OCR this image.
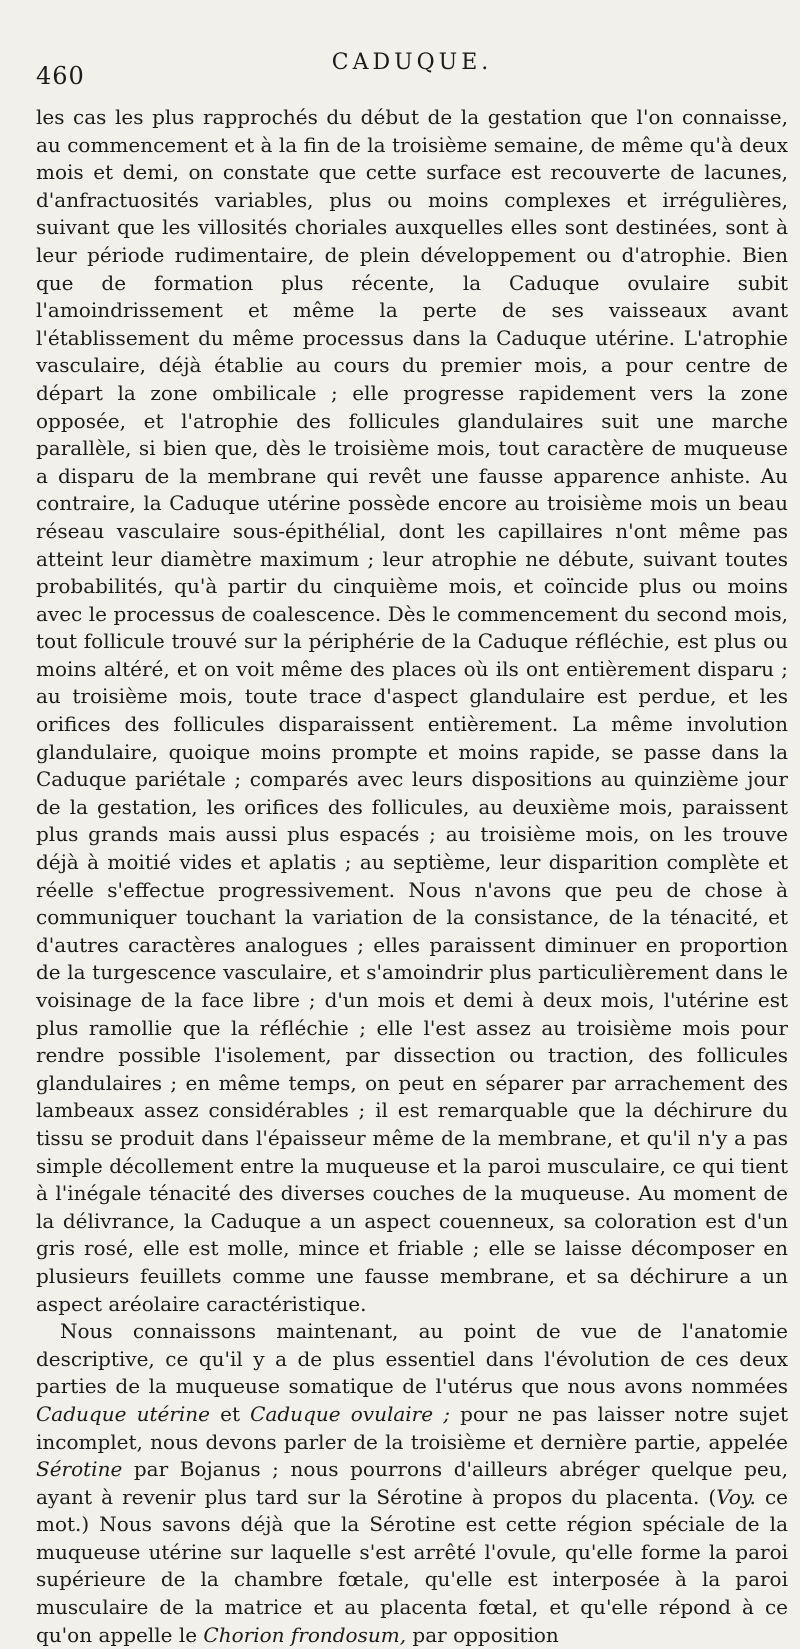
460	CADUQUE.
les cas les plus rapprochés du début de la gestation que l'on connaisse, au commencement et à la fin de la troisième semaine, de même qu'à deux mois et demi, on constate que cette surface est recouverte de lacunes, d'anfractuosités variables, plus ou moins complexes et irrégulières, suivant que les villosités choriales auxquelles elles sont destinées, sont à leur période rudimentaire, de plein développement ou d'atrophie. Bien que de formation plus récente, la Caduque ovulaire subit l'amoindrissement et même la perte de ses vaisseaux avant l'établissement du même processus dans la Caduque utérine. L'atrophie vasculaire, déjà établie au cours du premier mois, a pour centre de départ la zone ombilicale ; elle progresse rapidement vers la zone opposée, et l'atrophie des follicules glandulaires suit une marche parallèle, si bien que, dès le troisième mois, tout caractère de muqueuse a disparu de la membrane qui revêt une fausse apparence anhiste. Au contraire, la Caduque utérine possède encore au troisième mois un beau réseau vasculaire sous-épithélial, dont les capillaires n'ont même pas atteint leur diamètre maximum ; leur atrophie ne débute, suivant toutes probabilités, qu'à partir du cinquième mois, et coïncide plus ou moins avec le processus de coalescence. Dès le commencement du second mois, tout follicule trouvé sur la périphérie de la Caduque réfléchie, est plus ou moins altéré, et on voit même des places où ils ont entièrement disparu ; au troisième mois, toute trace d'aspect glandulaire est perdue, et les orifices des follicules disparaissent entièrement. La même involution glandulaire, quoique moins prompte et moins rapide, se passe dans la Caduque pariétale ; comparés avec leurs dispositions au quinzième jour de la gestation, les orifices des follicules, au deuxième mois, paraissent plus grands mais aussi plus espacés ; au troisième mois, on les trouve déjà à moitié vides et aplatis ; au septième, leur disparition complète et réelle s'effectue progressivement. Nous n'avons que peu de chose à communiquer touchant la variation de la consistance, de la ténacité, et d'autres caractères analogues ; elles paraissent diminuer en proportion de la turgescence vasculaire, et s'amoindrir plus particulièrement dans le voisinage de la face libre ; d'un mois et demi à deux mois, l'utérine est plus ramollie que la réfléchie ; elle l'est assez au troisième mois pour rendre possible l'isolement, par dissection ou traction, des follicules glandulaires ; en même temps, on peut en séparer par arrachement des lambeaux assez considérables ; il est remarquable que la déchirure du tissu se produit dans l'épaisseur même de la membrane, et qu'il n'y a pas simple décollement entre la muqueuse et la paroi musculaire, ce qui tient à l'inégale ténacité des diverses couches de la muqueuse. Au moment de la délivrance, la Caduque a un aspect couenneux, sa coloration est d'un gris rosé, elle est molle, mince et friable ; elle se laisse décomposer en plusieurs feuillets comme une fausse membrane, et sa déchirure a un aspect aréolaire caractéristique.
Nous connaissons maintenant, au point de vue de l'anatomie descriptive, ce qu'il y a de plus essentiel dans l'évolution de ces deux parties de la muqueuse somatique de l'utérus que nous avons nommées Caduque utérine et Caduque ovulaire ; pour ne pas laisser notre sujet incomplet, nous devons parler de la troisième et dernière partie, appelée Sérotine par Bojanus ; nous pourrons d'ailleurs abréger quelque peu, ayant à revenir plus tard sur la Sérotine à propos du placenta. (Voy. ce mot.) Nous savons déjà que la Sérotine est cette région spéciale de la muqueuse utérine sur laquelle s'est arrêté l'ovule, qu'elle forme la paroi supérieure de la chambre fœtale, qu'elle est interposée à la paroi musculaire de la matrice et au placenta fœtal, et qu'elle répond à ce qu'on appelle le Chorion frondosum, par opposition
